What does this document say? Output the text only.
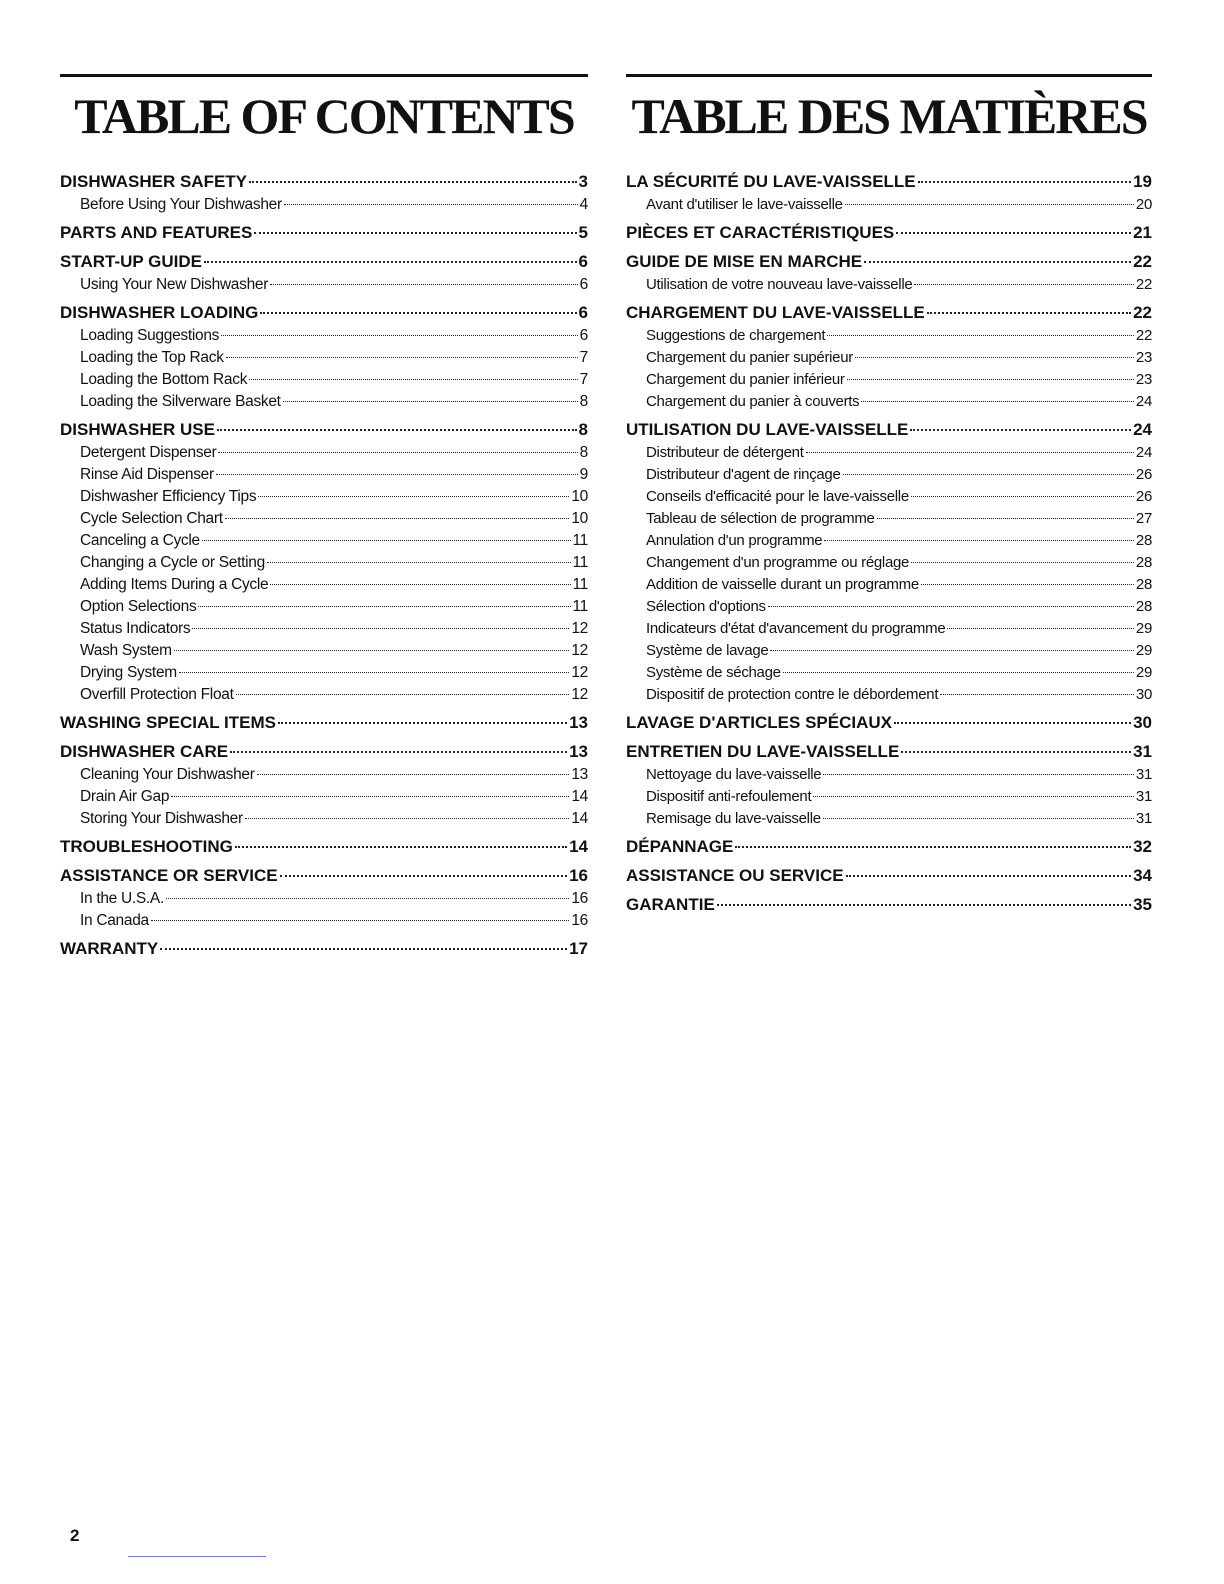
TABLE OF CONTENTS
DISHWASHER SAFETY	3
Before Using Your Dishwasher	4
PARTS AND FEATURES	5
START-UP GUIDE	6
Using Your New Dishwasher	6
DISHWASHER LOADING	6
Loading Suggestions	6
Loading the Top Rack	7
Loading the Bottom Rack	7
Loading the Silverware Basket	8
DISHWASHER USE	8
Detergent Dispenser	8
Rinse Aid Dispenser	9
Dishwasher Efficiency Tips	10
Cycle Selection Chart	10
Canceling a Cycle	11
Changing a Cycle or Setting	11
Adding Items During a Cycle	11
Option Selections	11
Status Indicators	12
Wash System	12
Drying System	12
Overfill Protection Float	12
WASHING SPECIAL ITEMS	13
DISHWASHER CARE	13
Cleaning Your Dishwasher	13
Drain Air Gap	14
Storing Your Dishwasher	14
TROUBLESHOOTING	14
ASSISTANCE OR SERVICE	16
In the U.S.A.	16
In Canada	16
WARRANTY	17
TABLE DES MATIÈRES
LA SÉCURITÉ DU LAVE-VAISSELLE	19
Avant d'utiliser le lave-vaisselle	20
PIÈCES ET CARACTÉRISTIQUES	21
GUIDE DE MISE EN MARCHE	22
Utilisation de votre nouveau lave-vaisselle	22
CHARGEMENT DU LAVE-VAISSELLE	22
Suggestions de chargement	22
Chargement du panier supérieur	23
Chargement du panier inférieur	23
Chargement du panier à couverts	24
UTILISATION DU LAVE-VAISSELLE	24
Distributeur de détergent	24
Distributeur d'agent de rinçage	26
Conseils d'efficacité pour le lave-vaisselle	26
Tableau de sélection de programme	27
Annulation d'un programme	28
Changement d'un programme ou réglage	28
Addition de vaisselle durant un programme	28
Sélection d'options	28
Indicateurs d'état d'avancement du programme	29
Système de lavage	29
Système de séchage	29
Dispositif de protection contre le débordement	30
LAVAGE D'ARTICLES SPÉCIAUX	30
ENTRETIEN DU LAVE-VAISSELLE	31
Nettoyage du lave-vaisselle	31
Dispositif anti-refoulement	31
Remisage du lave-vaisselle	31
DÉPANNAGE	32
ASSISTANCE OU SERVICE	34
GARANTIE	35
2
